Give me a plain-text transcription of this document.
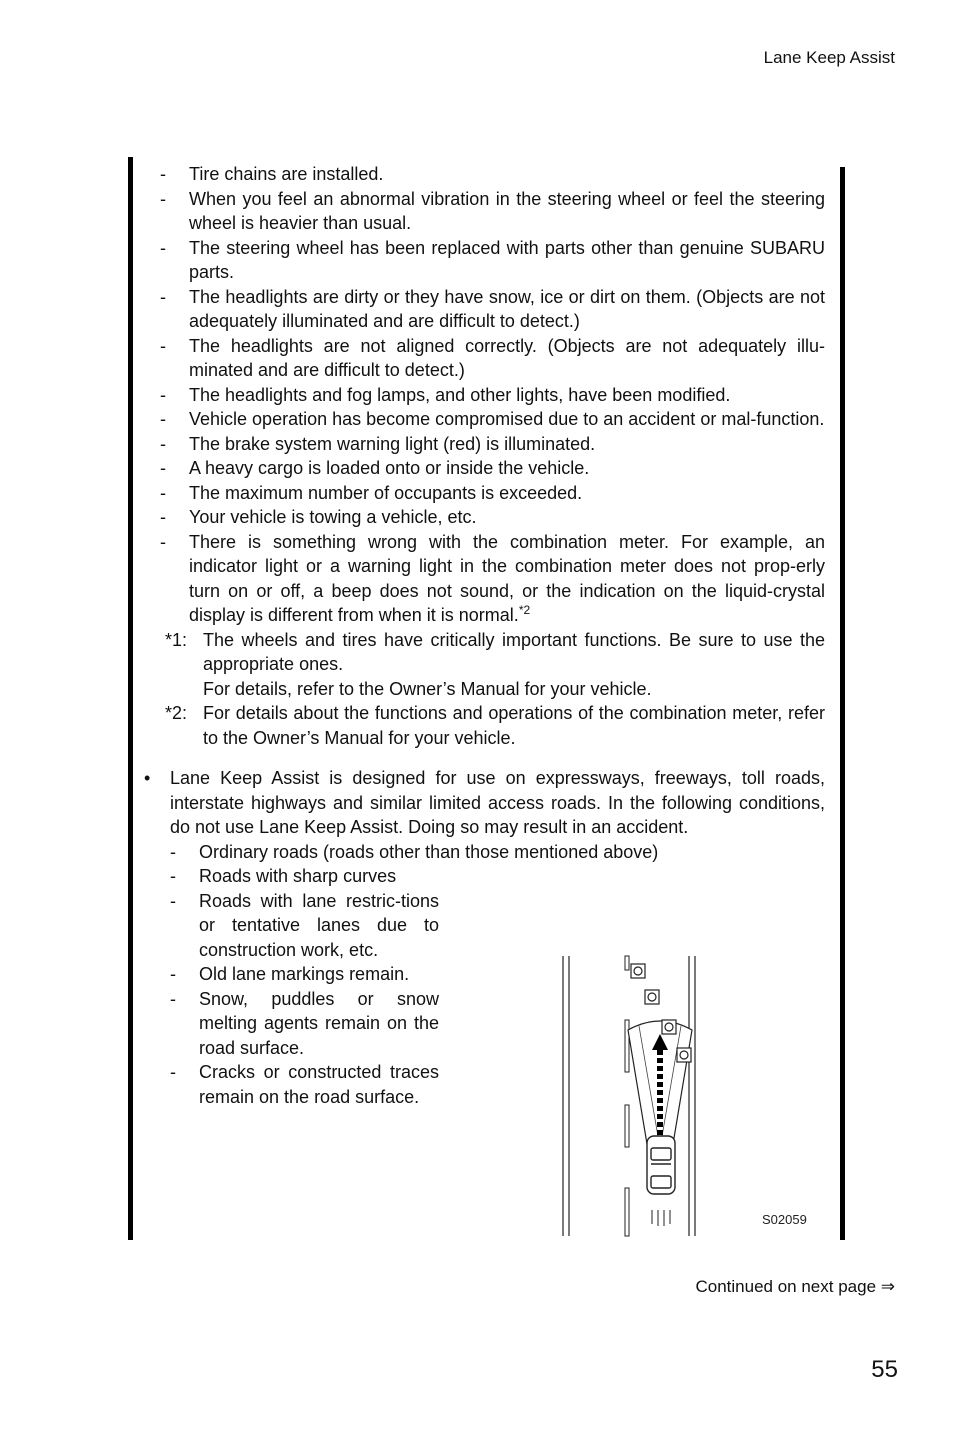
Lane Keep Assist
- Tire chains are installed.
- When you feel an abnormal vibration in the steering wheel or feel the steering wheel is heavier than usual.
- The steering wheel has been replaced with parts other than genuine SUBARU parts.
- The headlights are dirty or they have snow, ice or dirt on them. (Objects are not adequately illuminated and are difficult to detect.)
- The headlights are not aligned correctly. (Objects are not adequately illu-minated and are difficult to detect.)
- The headlights and fog lamps, and other lights, have been modified.
- Vehicle operation has become compromised due to an accident or mal-function.
- The brake system warning light (red) is illuminated.
- A heavy cargo is loaded onto or inside the vehicle.
- The maximum number of occupants is exceeded.
- Your vehicle is towing a vehicle, etc.
- There is something wrong with the combination meter. For example, an indicator light or a warning light in the combination meter does not prop-erly turn on or off, a beep does not sound, or the indication on the liquid-crystal display is different from when it is normal.$^{*2}$
*1: The wheels and tires have critically important functions. Be sure to use the appropriate ones.
For details, refer to the Owner’s Manual for your vehicle.
*2: For details about the functions and operations of the combination meter, refer to the Owner’s Manual for your vehicle.
• Lane Keep Assist is designed for use on expressways, freeways, toll roads, interstate highways and similar limited access roads. In the following conditions, do not use Lane Keep Assist. Doing so may result in an accident.
- Ordinary roads (roads other than those mentioned above)
- Roads with sharp curves
- Roads with lane restric-tions or tentative lanes due to construction work, etc.
- Old lane markings remain.
- Snow, puddles or snow melting agents remain on the road surface.
- Cracks or constructed traces remain on the road surface.
S02059
Continued on next page ⇒
55
